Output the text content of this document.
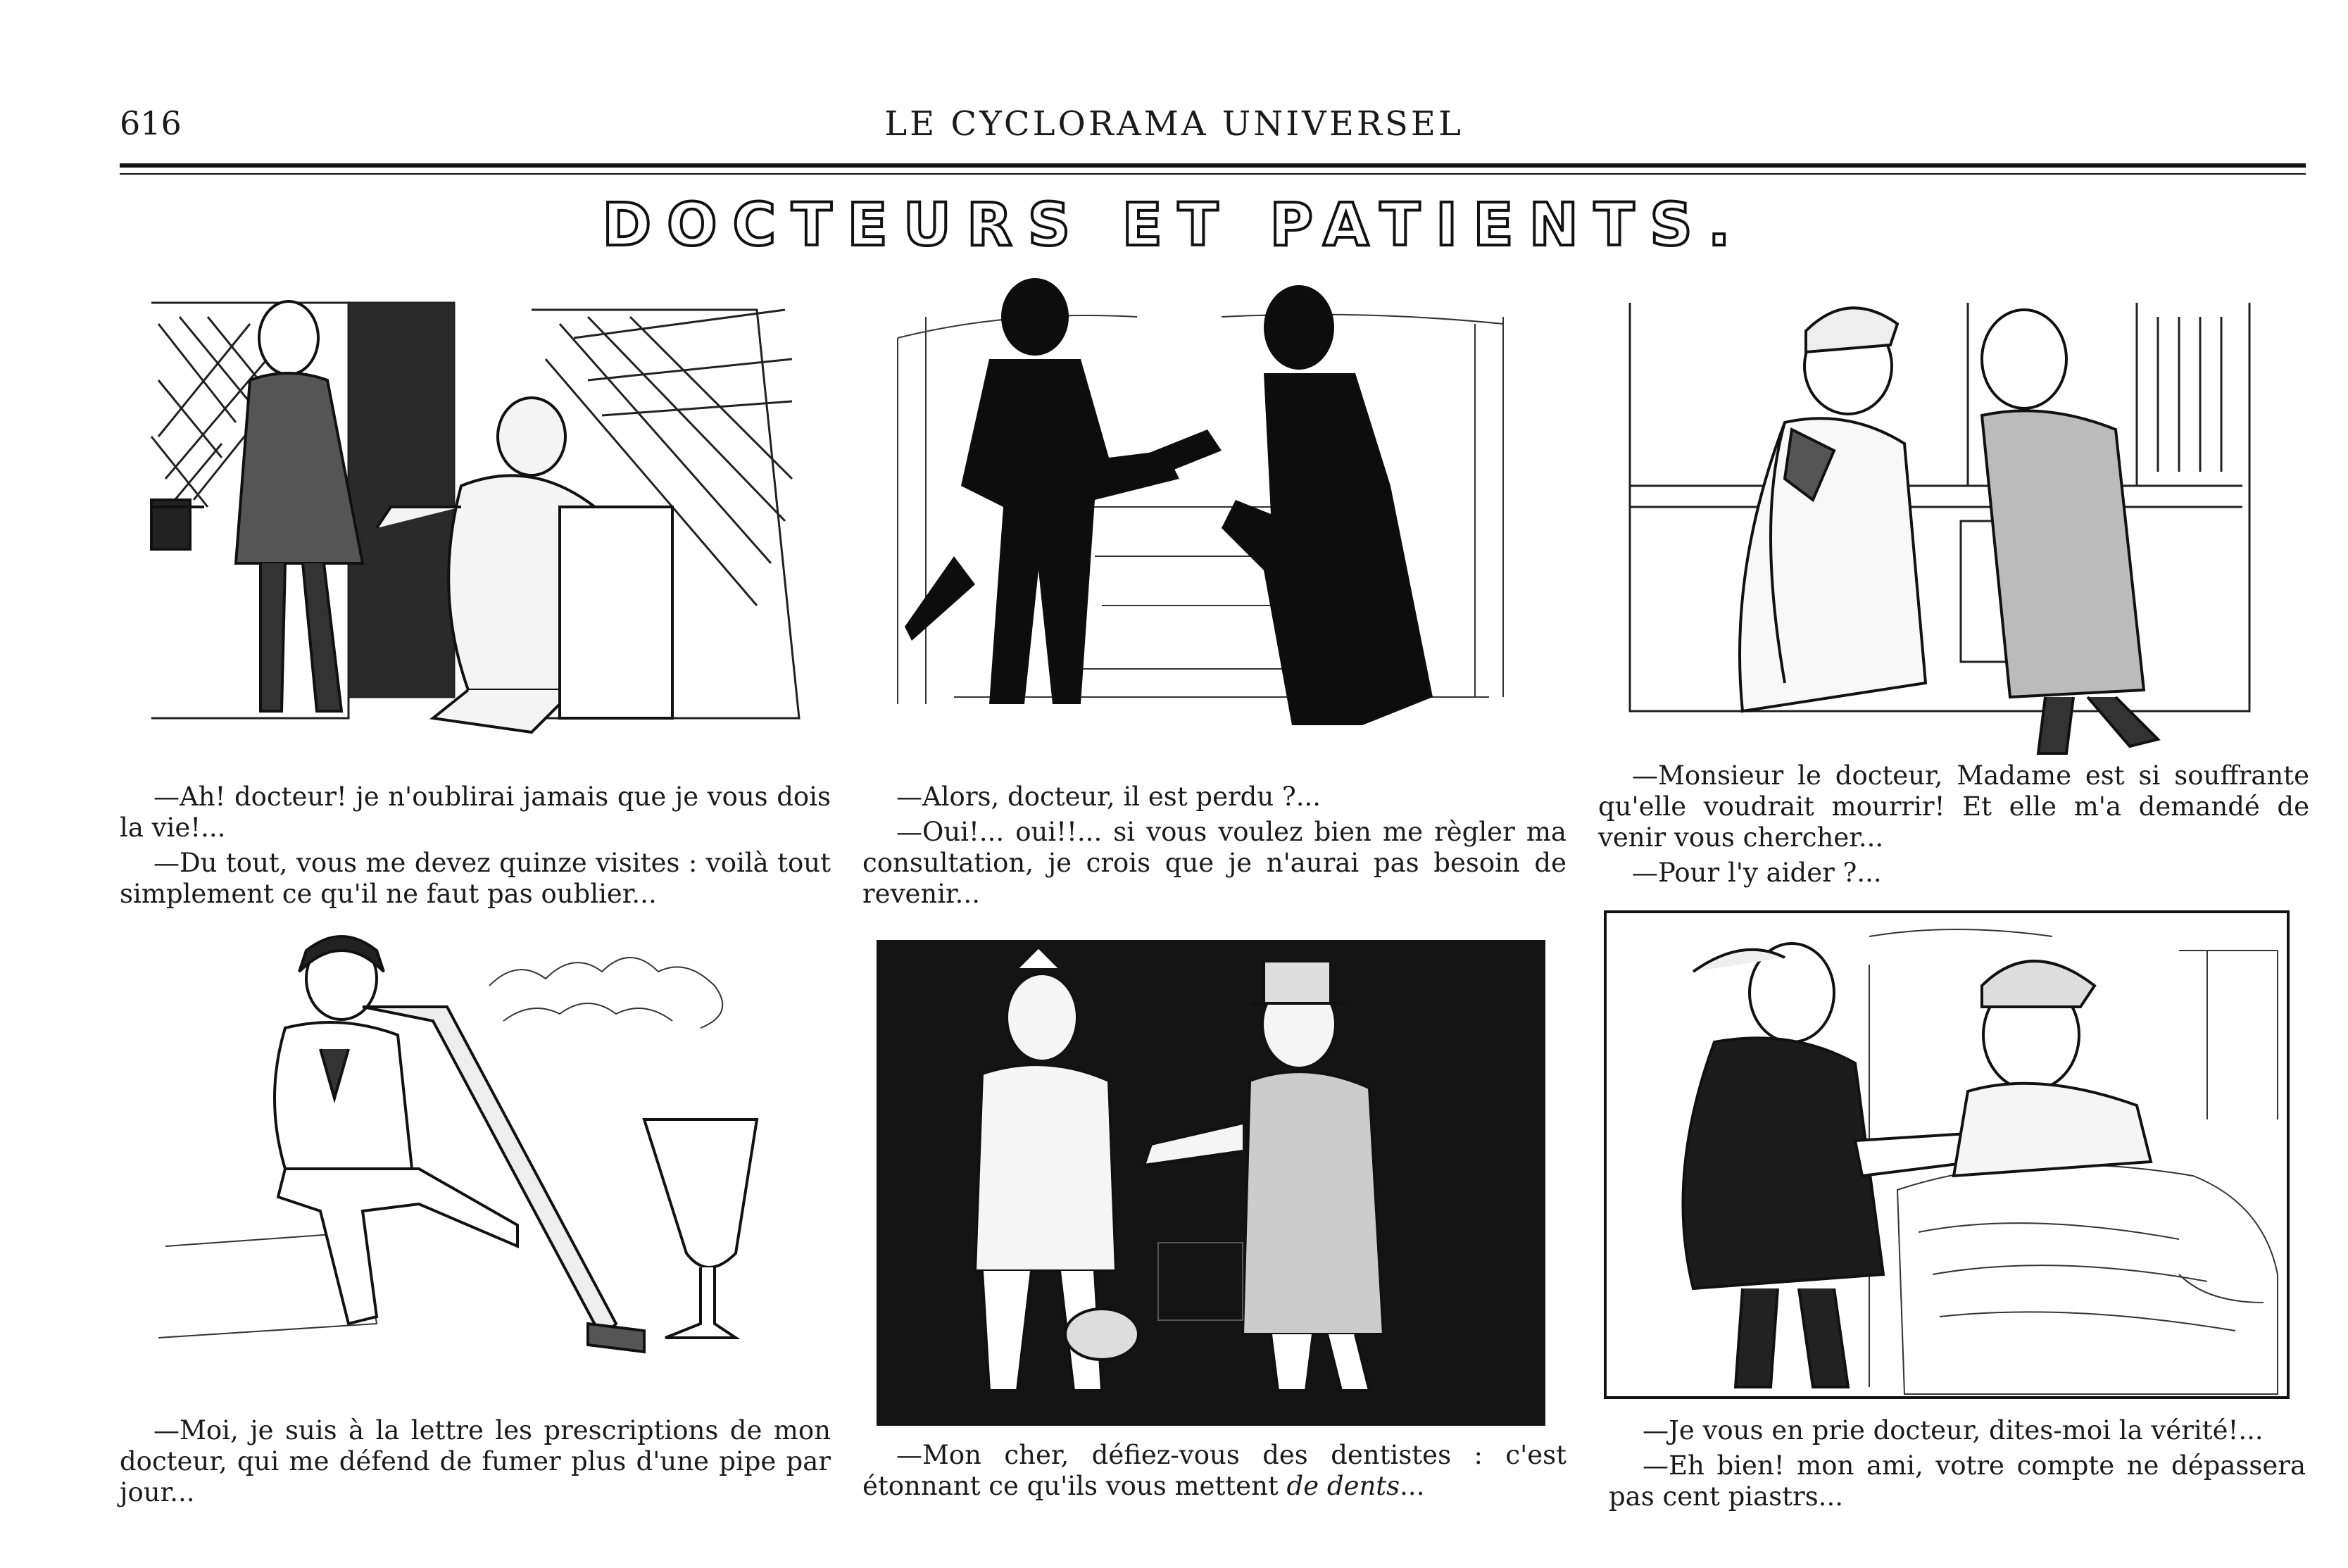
616	LE CYCLORAMA UNIVERSEL
DOCTEURS ET PATIENTS.

—Ah! docteur! je n'oublirai jamais que je vous dois la vie!...

—Du tout, vous me devez quinze visites : voilà tout simplement ce qu'il ne faut pas oublier...

—Alors, docteur, il est perdu ?...

—Oui!... oui!!... si vous voulez bien me règler ma consultation, je crois que je n'aurai pas besoin de revenir...

—Monsieur le docteur, Madame est si souffrante qu'elle voudrait mourrir! Et elle m'a demandé de venir vous chercher...

—Pour l'y aider ?...

—Moi, je suis à la lettre les prescriptions de mon docteur, qui me défend de fumer plus d'une pipe par jour...

—Mon cher, défiez-vous des dentistes : c'est étonnant ce qu'ils vous mettent de dents...

—Je vous en prie docteur, dites-moi la vérité!...

—Eh bien! mon ami, votre compte ne dépassera pas cent piastrs...
